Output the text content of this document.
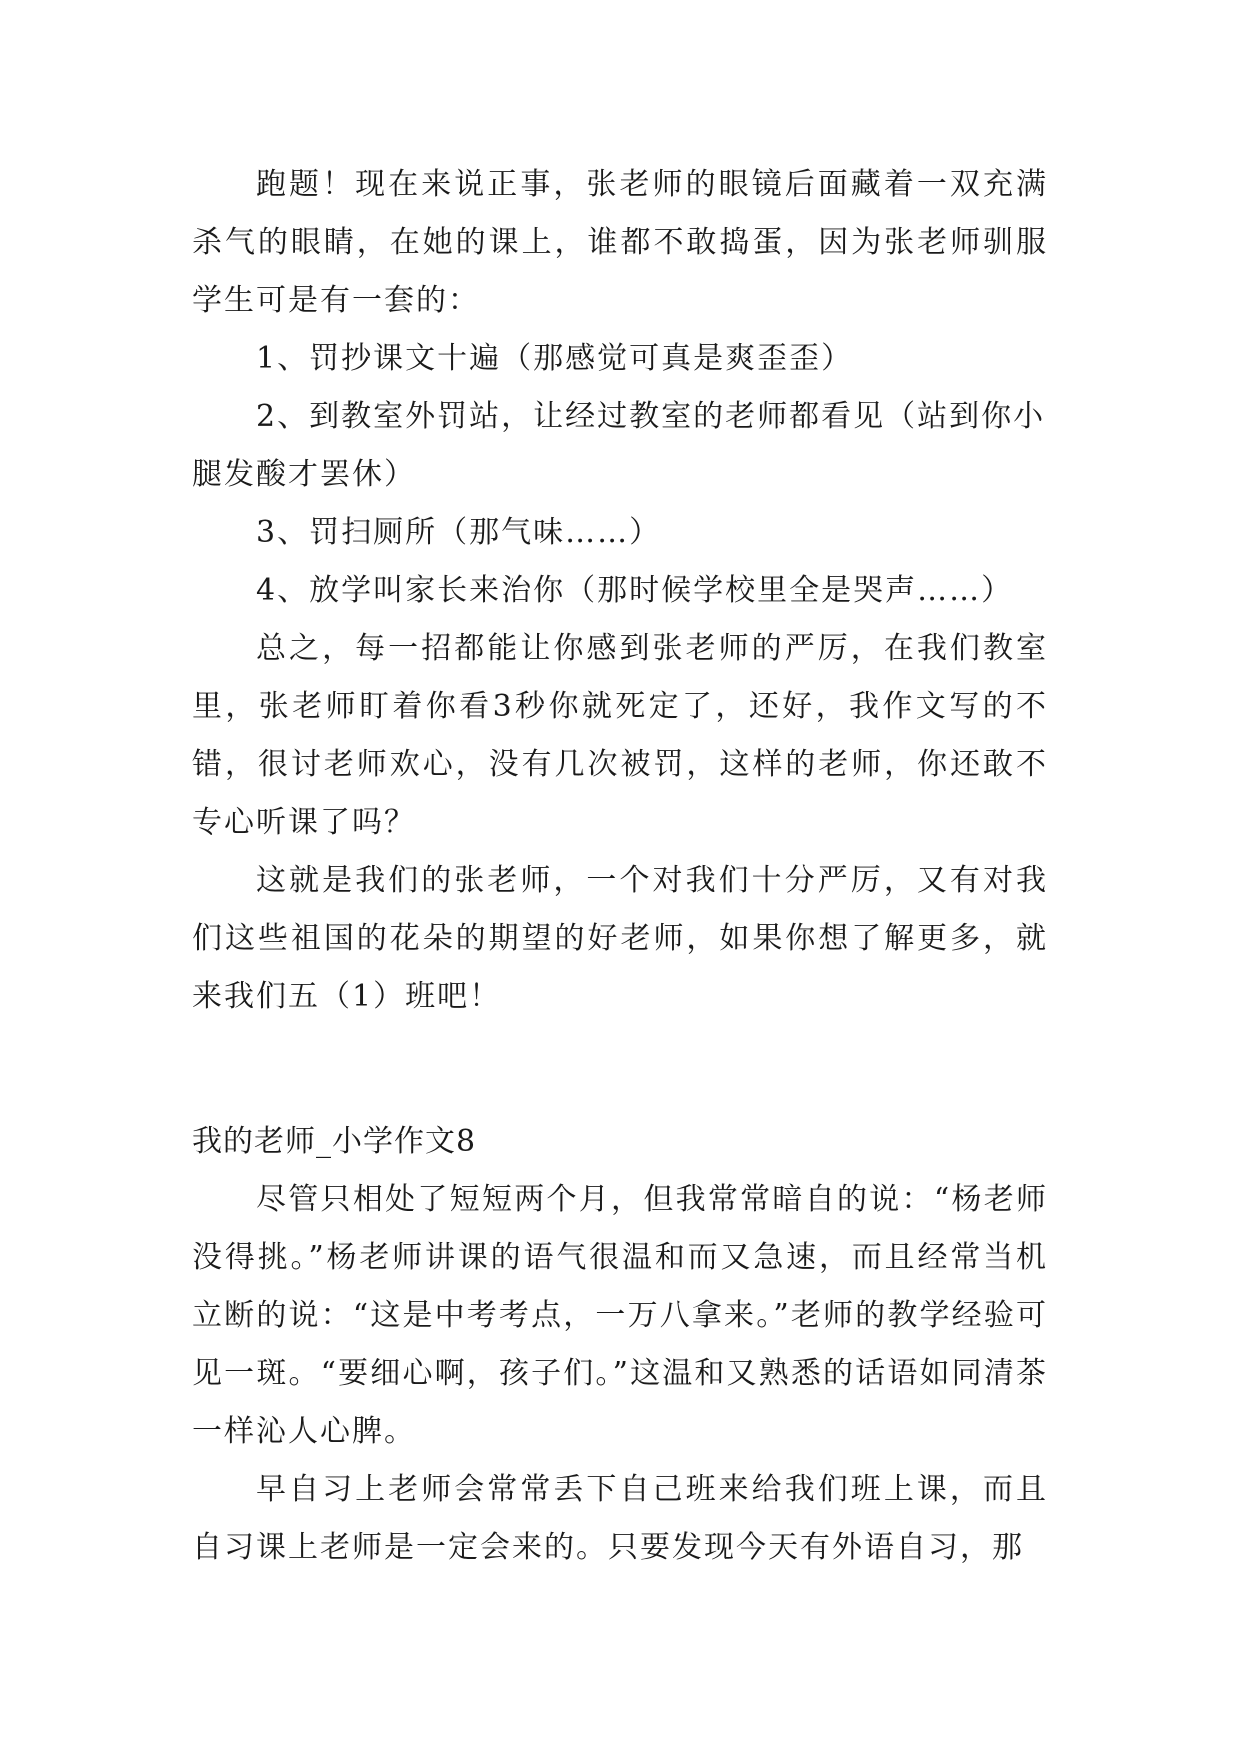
跑题！现在来说正事，张老师的眼镜后面藏着一双充满杀气的眼睛，在她的课上，谁都不敢捣蛋，因为张老师驯服学生可是有一套的：

1、罚抄课文十遍（那感觉可真是爽歪歪）

2、到教室外罚站，让经过教室的老师都看见（站到你小腿发酸才罢休）

3、罚扫厕所（那气味……）

4、放学叫家长来治你（那时候学校里全是哭声……）

总之，每一招都能让你感到张老师的严厉，在我们教室里，张老师盯着你看3秒你就死定了，还好，我作文写的不错，很讨老师欢心，没有几次被罚，这样的老师，你还敢不专心听课了吗？

这就是我们的张老师，一个对我们十分严厉，又有对我们这些祖国的花朵的期望的好老师，如果你想了解更多，就来我们五（1）班吧！

我的老师_小学作文8

尽管只相处了短短两个月，但我常常暗自的说：“杨老师没得挑。”杨老师讲课的语气很温和而又急速，而且经常当机立断的说：“这是中考考点，一万八拿来。”老师的教学经验可见一斑。“要细心啊，孩子们。”这温和又熟悉的话语如同清茶一样沁人心脾。

早自习上老师会常常丢下自己班来给我们班上课，而且自习课上老师是一定会来的。只要发现今天有外语自习，那
